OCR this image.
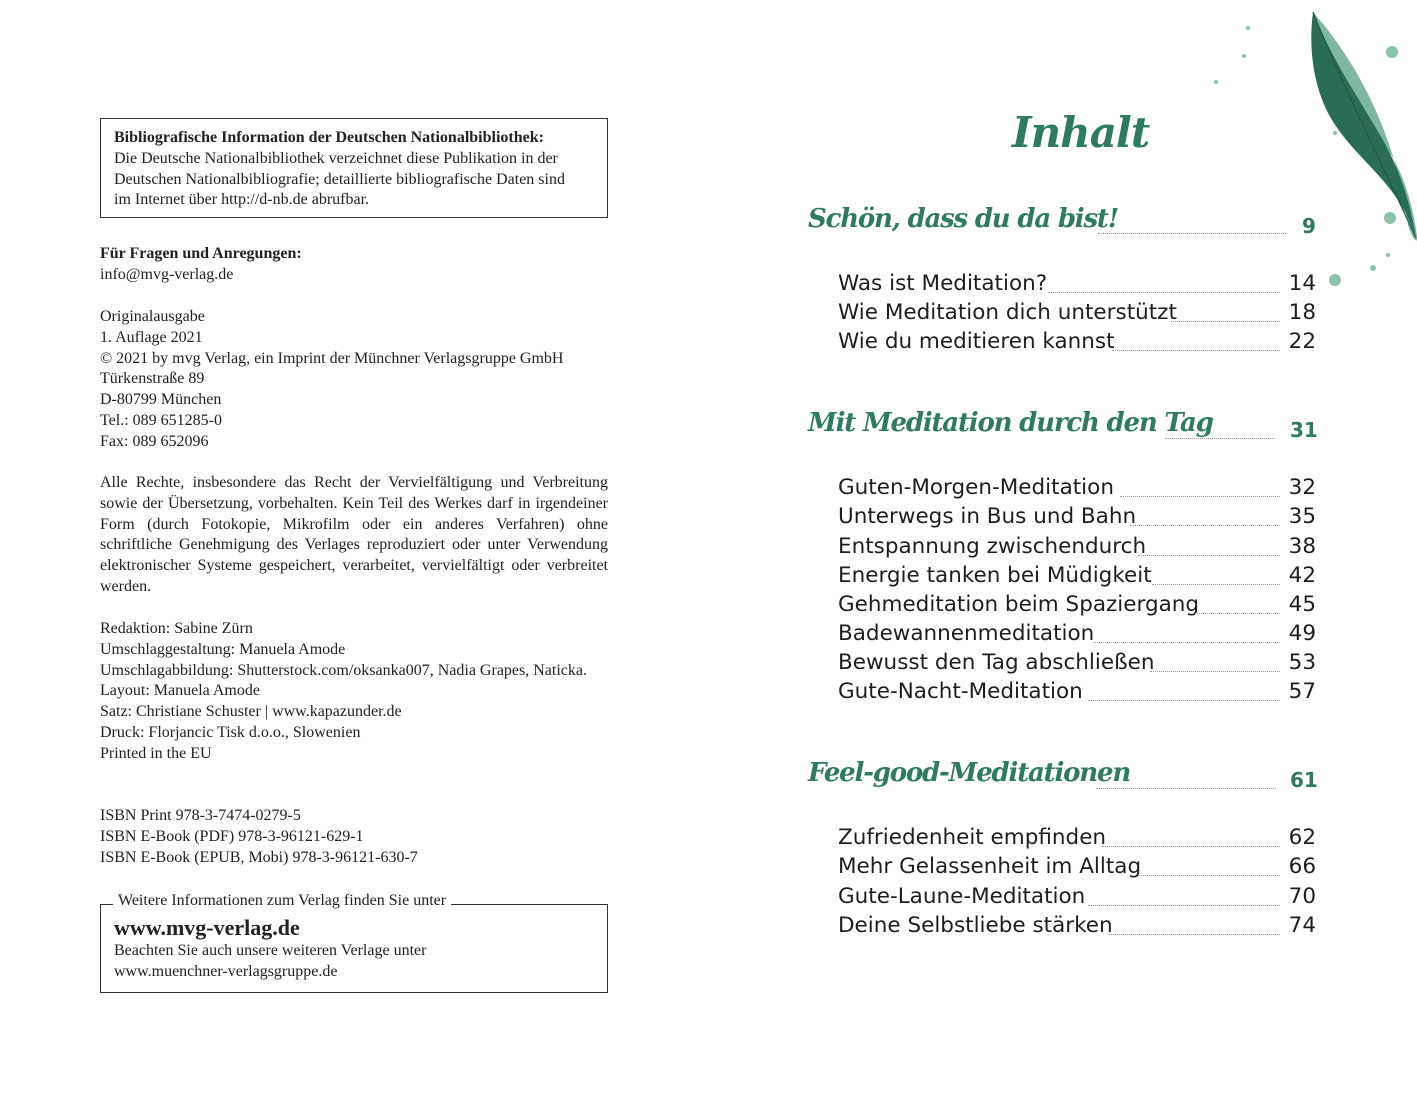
Bibliografische Information der Deutschen Nationalbibliothek:
Die Deutsche Nationalbibliothek verzeichnet diese Publikation in der
Deutschen Nationalbibliografie; detaillierte bibliografische Daten sind
im Internet über http://d-nb.de abrufbar.
Für Fragen und Anregungen:
info@mvg-verlag.de
Originalausgabe
1. Auflage 2021
© 2021 by mvg Verlag, ein Imprint der Münchner Verlagsgruppe GmbH
Türkenstraße 89
D-80799 München
Tel.: 089 651285-0
Fax: 089 652096
Alle Rechte, insbesondere das Recht der Vervielfältigung und Verbreitung sowie der Übersetzung, vorbehalten. Kein Teil des Werkes darf in irgendeiner Form (durch Fotokopie, Mikrofilm oder ein anderes Verfahren) ohne schriftliche Genehmigung des Verlages reproduziert oder unter Verwendung elektronischer Systeme gespeichert, verarbeitet, vervielfältigt oder verbreitet werden.
Redaktion: Sabine Zürn
Umschlaggestaltung: Manuela Amode
Umschlagabbildung: Shutterstock.com/oksanka007, Nadia Grapes, Naticka.
Layout: Manuela Amode
Satz: Christiane Schuster | www.kapazunder.de
Druck: Florjancic Tisk d.o.o., Slowenien
Printed in the EU
ISBN Print 978-3-7474-0279-5
ISBN E-Book (PDF) 978-3-96121-629-1
ISBN E-Book (EPUB, Mobi) 978-3-96121-630-7
Weitere Informationen zum Verlag finden Sie unter
www.mvg-verlag.de
Beachten Sie auch unsere weiteren Verlage unter
www.muenchner-verlagsgruppe.de
Inhalt
Schön, dass du da bist!	9
Was ist Meditation?	14
Wie Meditation dich unterstützt	18
Wie du meditieren kannst	22
Mit Meditation durch den Tag	31
Guten-Morgen-Meditation	32
Unterwegs in Bus und Bahn	35
Entspannung zwischendurch	38
Energie tanken bei Müdigkeit	42
Gehmeditation beim Spaziergang	45
Badewannenmeditation	49
Bewusst den Tag abschließen	53
Gute-Nacht-Meditation	57
Feel-good-Meditationen	61
Zufriedenheit empfinden	62
Mehr Gelassenheit im Alltag	66
Gute-Laune-Meditation	70
Deine Selbstliebe stärken	74
